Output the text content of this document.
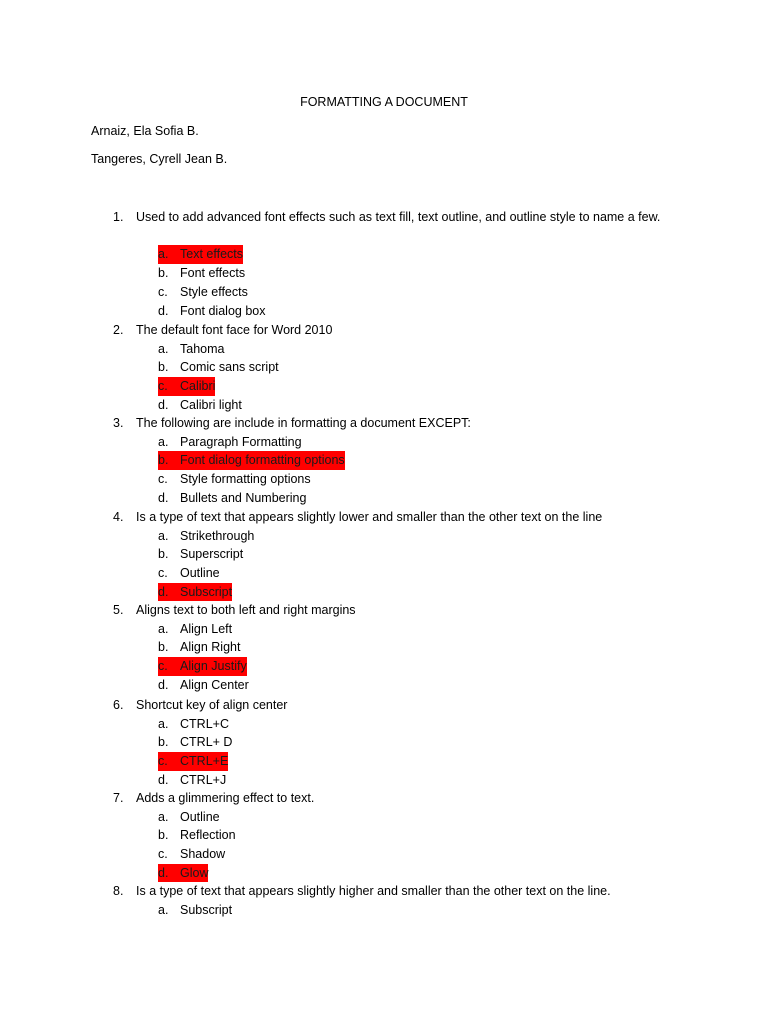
FORMATTING A DOCUMENT
Arnaiz, Ela Sofia B.
Tangeres, Cyrell Jean B.
1. Used to add advanced font effects such as text fill, text outline, and outline style to name a few.
a. Text effects
b. Font effects
c. Style effects
d. Font dialog box
2. The default font face for Word 2010
a. Tahoma
b. Comic sans script
c. Calibri
d. Calibri light
3. The following are include in formatting a document EXCEPT:
a. Paragraph Formatting
b. Font dialog formatting options
c. Style formatting options
d. Bullets and Numbering
4. Is a type of text that appears slightly lower and smaller than the other text on the line
a. Strikethrough
b. Superscript
c. Outline
d. Subscript
5. Aligns text to both left and right margins
a. Align Left
b. Align Right
c. Align Justify
d. Align Center
6. Shortcut key of align center
a. CTRL+C
b. CTRL+ D
c. CTRL+E
d. CTRL+J
7. Adds a glimmering effect to text.
a. Outline
b. Reflection
c. Shadow
d. Glow
8. Is a type of text that appears slightly higher and smaller than the other text on the line.
a. Subscript
